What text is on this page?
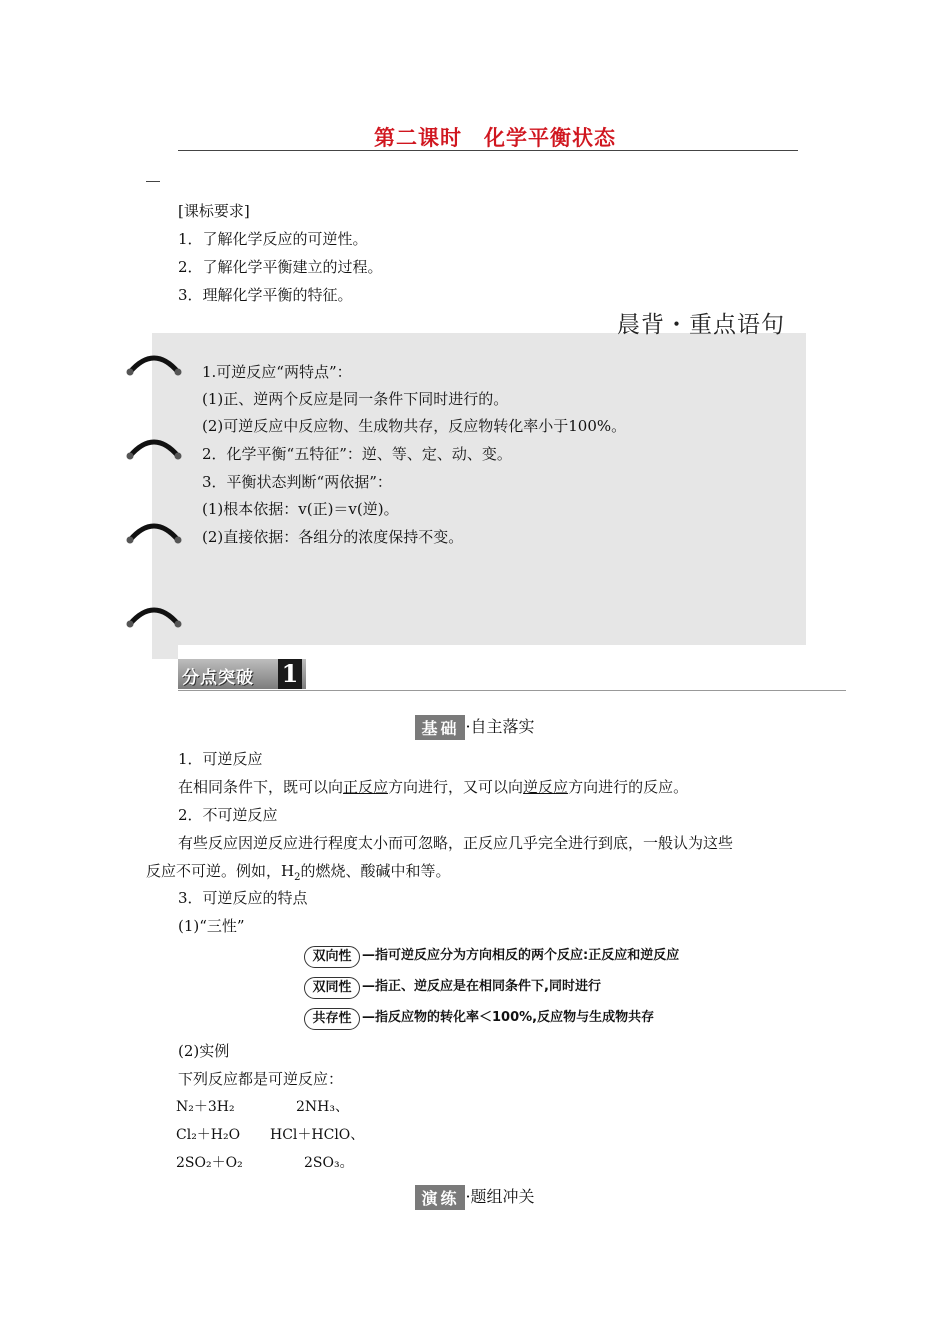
第二课时　化学平衡状态
[课标要求]
1．了解化学反应的可逆性。
2．了解化学平衡建立的过程。
3．理解化学平衡的特征。
晨背・重点语句
1.可逆反应“两特点”：
(1)正、逆两个反应是同一条件下同时进行的。
(2)可逆反应中反应物、生成物共存，反应物转化率小于100%。
2．化学平衡“五特征”：逆、等、定、动、变。
3．平衡状态判断“两依据”：
(1)根本依据：v(正)＝v(逆)。
(2)直接依据：各组分的浓度保持不变。
分点突破 1
基础 ·自主落实
1．可逆反应
在相同条件下，既可以向正反应方向进行，又可以向逆反应方向进行的反应。
2．不可逆反应
有些反应因逆反应进行程度太小而可忽略，正反应几乎完全进行到底，一般认为这些
反应不可逆。例如，$H_2$的燃烧、酸碱中和等。
3．可逆反应的特点
(1)“三性”
双向性 —指可逆反应分为方向相反的两个反应:正反应和逆反应
双同性 —指正、逆反应是在相同条件下,同时进行
共存性 —指反应物的转化率＜100%,反应物与生成物共存
(2)实例
下列反应都是可逆反应：
N₂＋3H₂	2NH₃、
Cl₂＋H₂O HCl＋HClO、
2SO₂＋O₂	2SO₃。
演练 ·题组冲关
